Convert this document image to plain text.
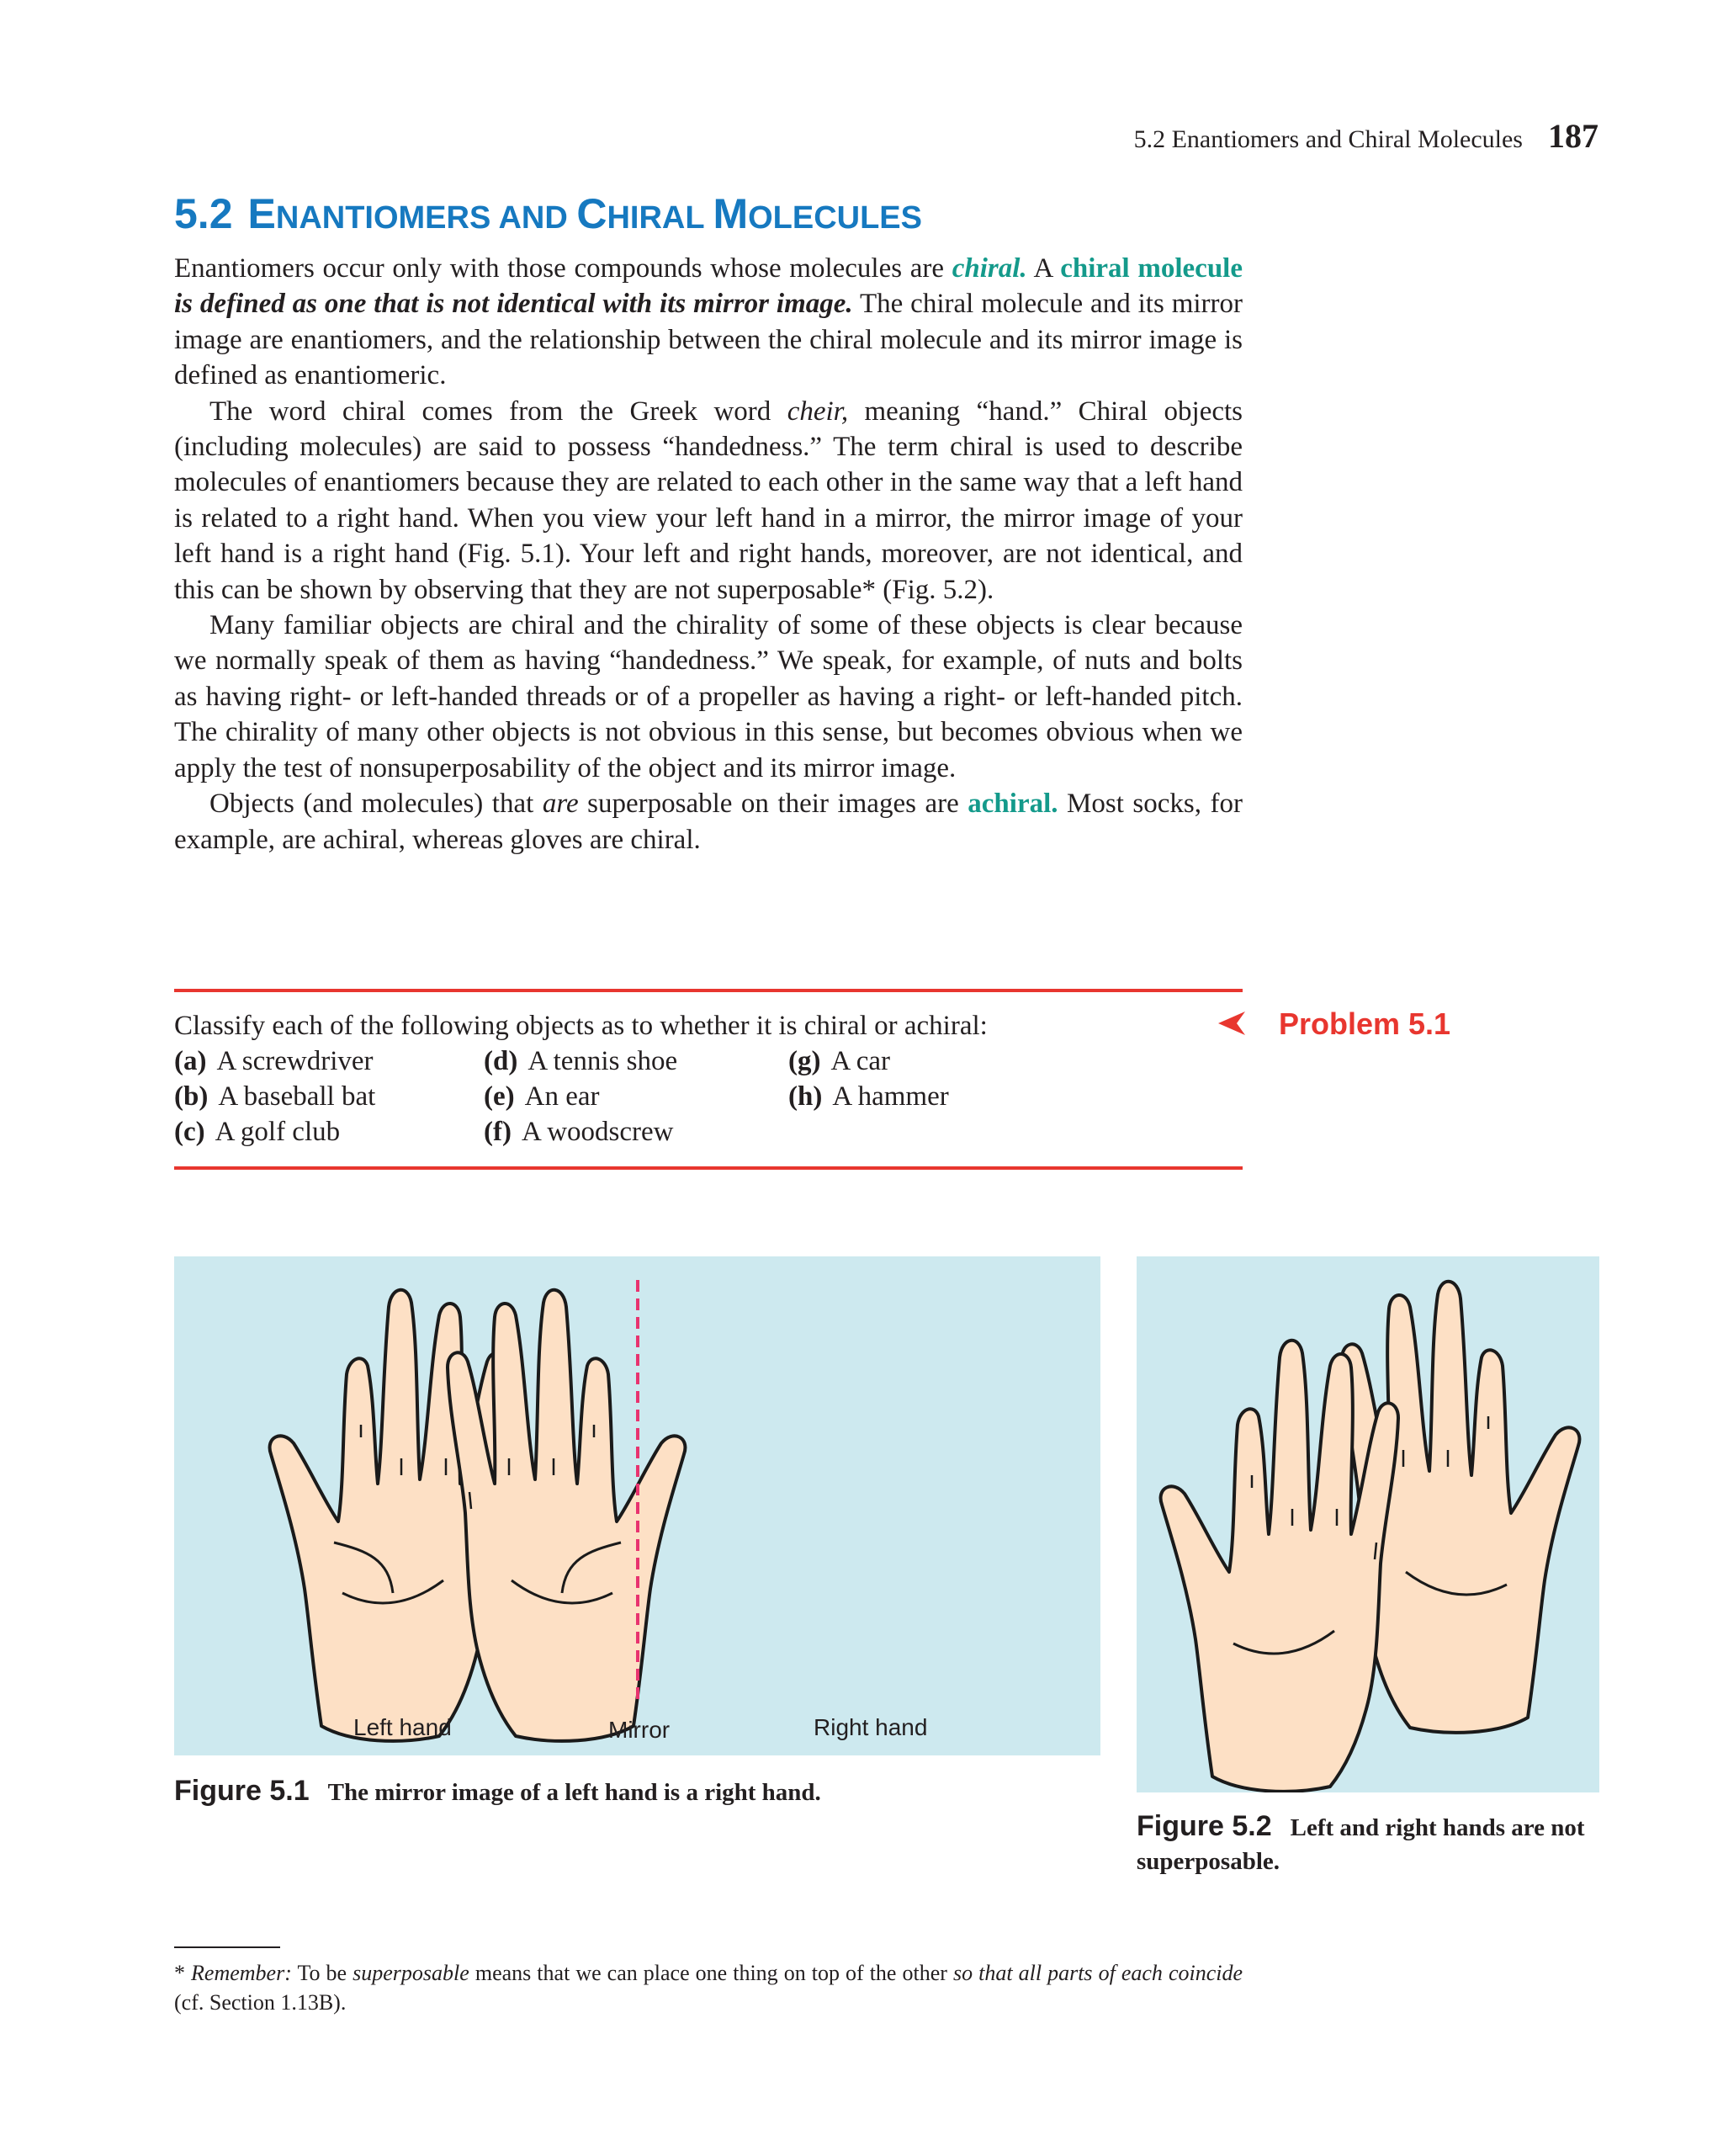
5.2 Enantiomers and Chiral Molecules 187
5.2 ENANTIOMERS AND CHIRAL MOLECULES

Enantiomers occur only with those compounds whose molecules are chiral. A chiral molecule is defined as one that is not identical with its mirror image. The chiral molecule and its mirror image are enantiomers, and the relationship between the chiral molecule and its mirror image is defined as enantiomeric.

The word chiral comes from the Greek word cheir, meaning “hand.” Chiral objects (including molecules) are said to possess “handedness.” The term chiral is used to describe molecules of enantiomers because they are related to each other in the same way that a left hand is related to a right hand. When you view your left hand in a mirror, the mirror image of your left hand is a right hand (Fig. 5.1). Your left and right hands, moreover, are not identical, and this can be shown by observing that they are not superposable* (Fig. 5.2).

Many familiar objects are chiral and the chirality of some of these objects is clear because we normally speak of them as having “handedness.” We speak, for example, of nuts and bolts as having right- or left-handed threads or of a propeller as having a right- or left-handed pitch. The chirality of many other objects is not obvious in this sense, but becomes obvious when we apply the test of nonsuperposability of the object and its mirror image.

Objects (and molecules) that are superposable on their images are achiral. Most socks, for example, are achiral, whereas gloves are chiral.

Problem 5.1
Classify each of the following objects as to whether it is chiral or achiral:
(a) A screwdriver
(b) A baseball bat
(c) A golf club
(d) A tennis shoe
(e) An ear
(f) A woodscrew
(g) A car
(h) A hammer
Left hand	Mirror	Right hand
Figure 5.1 The mirror image of a left hand is a right hand.
Figure 5.2 Left and right hands are not superposable.
* Remember: To be superposable means that we can place one thing on top of the other so that all parts of each coincide (cf. Section 1.13B).
